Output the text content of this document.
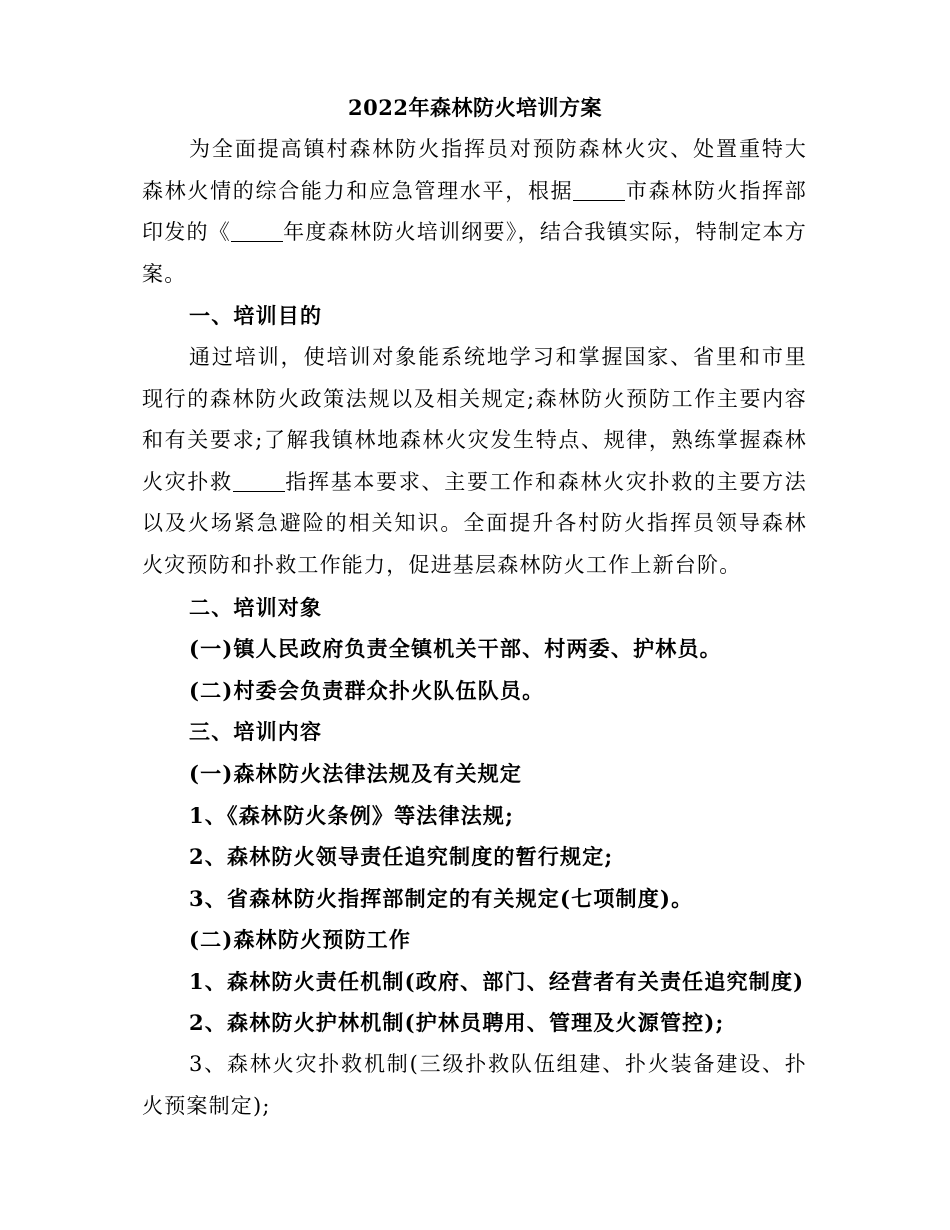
2022年森林防火培训方案

为全面提高镇村森林防火指挥员对预防森林火灾、处置重特大森林火情的综合能力和应急管理水平，根据 市森林防火指挥部印发的《 年度森林防火培训纲要》，结合我镇实际，特制定本方案。

一、培训目的

通过培训，使培训对象能系统地学习和掌握国家、省里和市里现行的森林防火政策法规以及相关规定;森林防火预防工作主要内容和有关要求;了解我镇林地森林火灾发生特点、规律，熟练掌握森林火灾扑救 指挥基本要求、主要工作和森林火灾扑救的主要方法以及火场紧急避险的相关知识。全面提升各村防火指挥员领导森林火灾预防和扑救工作能力，促进基层森林防火工作上新台阶。

二、培训对象

(一)镇人民政府负责全镇机关干部、村两委、护林员。

(二)村委会负责群众扑火队伍队员。

三、培训内容

(一)森林防火法律法规及有关规定

1、《森林防火条例》等法律法规;

2、森林防火领导责任追究制度的暂行规定;

3、省森林防火指挥部制定的有关规定(七项制度)。

(二)森林防火预防工作

1、森林防火责任机制(政府、部门、经营者有关责任追究制度)

2、森林防火护林机制(护林员聘用、管理及火源管控);

3、森林火灾扑救机制(三级扑救队伍组建、扑火装备建设、扑火预案制定);
